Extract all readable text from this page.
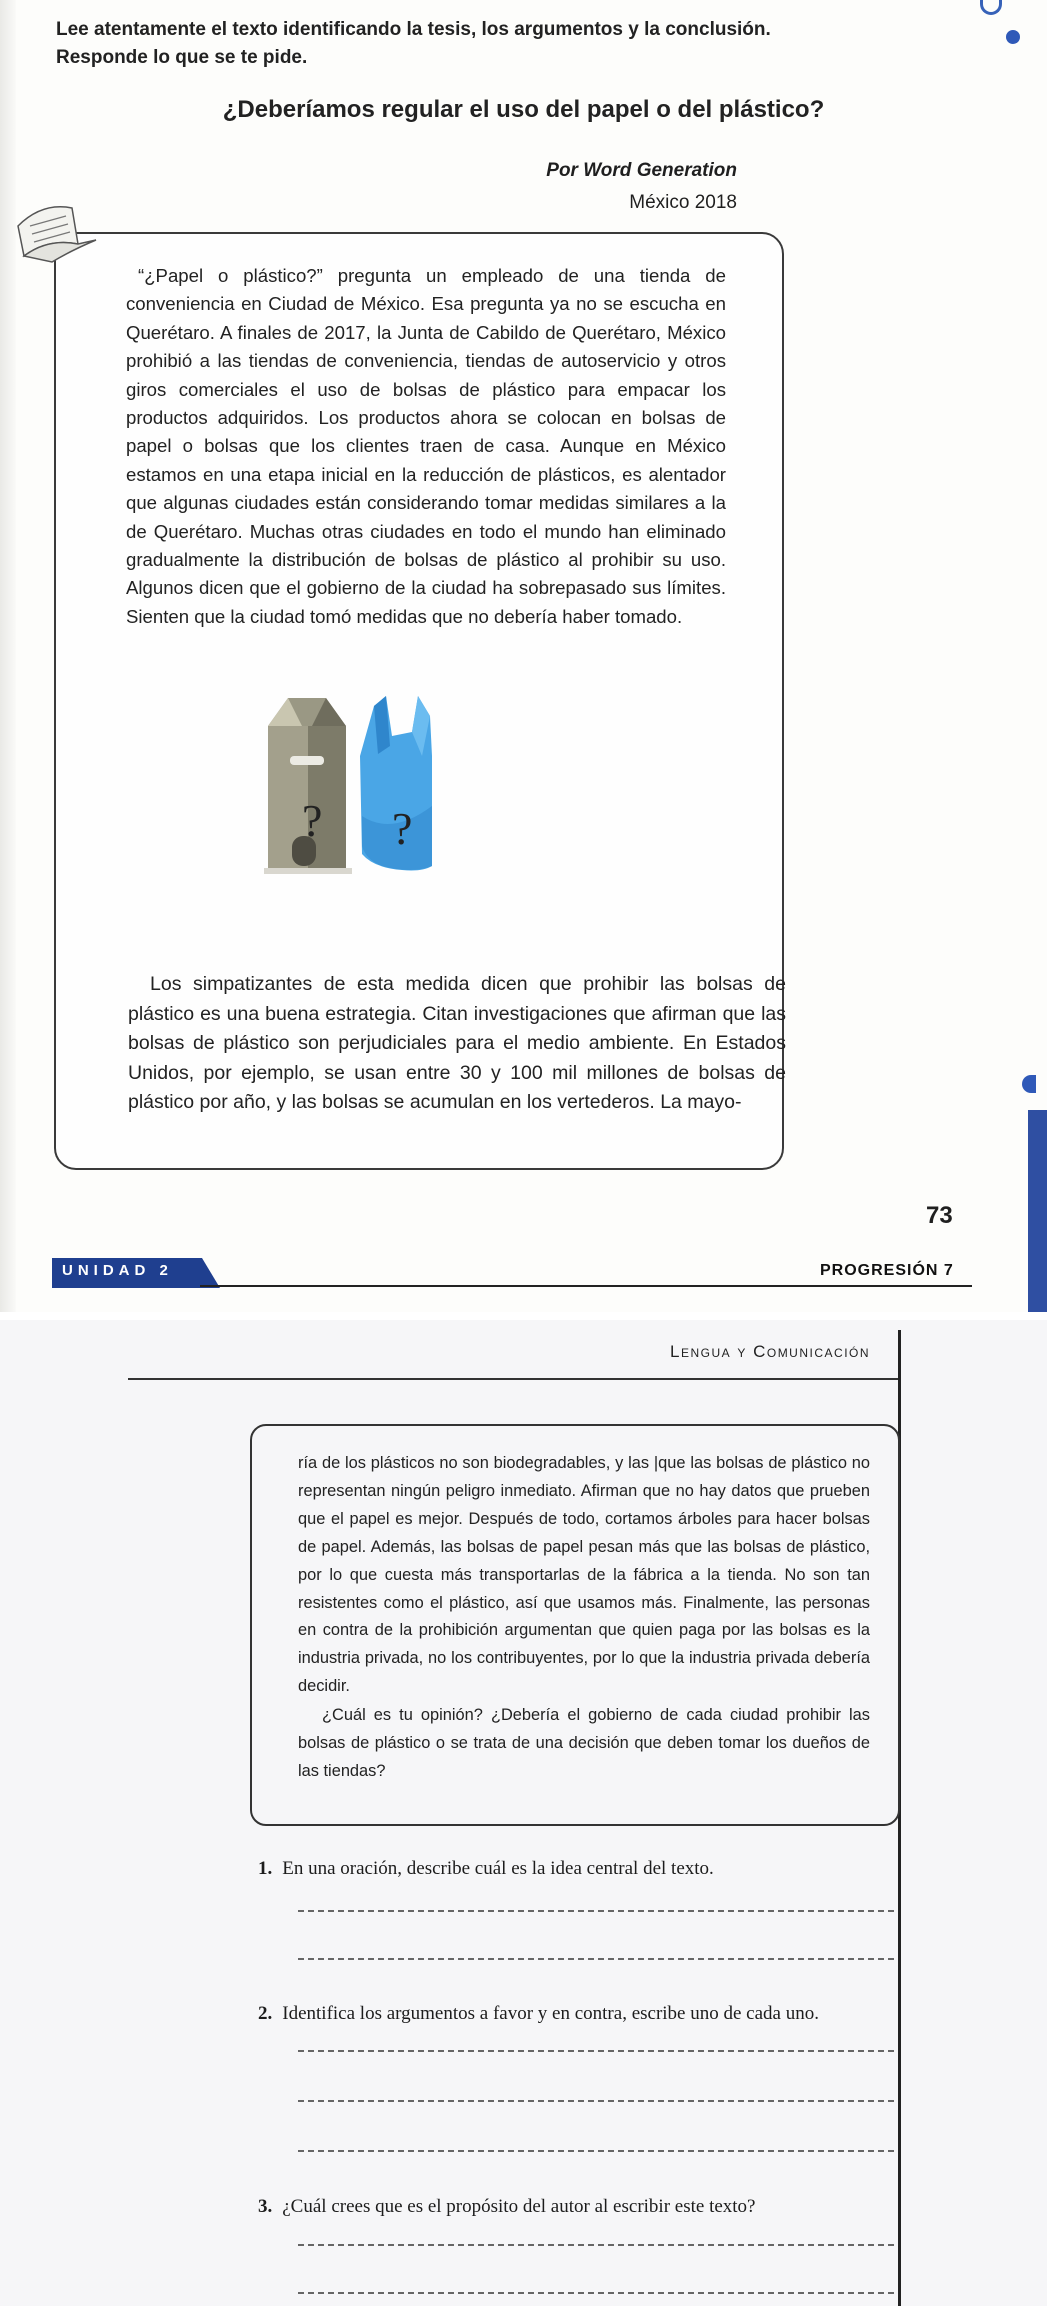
Lee atentamente el texto identificando la tesis, los argumentos y la conclusión.
Responde lo que se te pide.
¿Deberíamos regular el uso del papel o del plástico?
Por Word Generation
México 2018
“¿Papel o plástico?” pregunta un empleado de una tienda de conveniencia en Ciudad de México. Esa pregunta ya no se escucha en Querétaro. A finales de 2017, la Junta de Cabildo de Querétaro, México prohibió a las tiendas de conveniencia, tiendas de autoservicio y otros giros comerciales el uso de bolsas de plástico para empacar los productos adquiridos. Los productos ahora se colocan en bolsas de papel o bolsas que los clientes traen de casa. Aunque en México estamos en una etapa inicial en la reducción de plásticos, es alentador que algunas ciudades están considerando tomar medidas similares a la de Querétaro. Muchas otras ciudades en todo el mundo han eliminado gradualmente la distribución de bolsas de plástico al prohibir su uso. Algunos dicen que el gobierno de la ciudad ha sobrepasado sus límites. Sienten que la ciudad tomó medidas que no debería haber tomado.
? ?
Los simpatizantes de esta medida dicen que prohibir las bolsas de plástico es una buena estrategia. Citan investigaciones que afirman que las bolsas de plástico son perjudiciales para el medio ambiente. En Estados Unidos, por ejemplo, se usan entre 30 y 100 mil millones de bolsas de plástico por año, y las bolsas se acumulan en los vertederos. La mayo-
73
UNIDAD 2	PROGRESIÓN 7
Lengua y Comunicación
ría de los plásticos no son biodegradables, y las |que las bolsas de plástico no representan ningún peligro inmediato. Afirman que no hay datos que prueben que el papel es mejor. Después de todo, cortamos árboles para hacer bolsas de papel. Además, las bolsas de papel pesan más que las bolsas de plástico, por lo que cuesta más transportarlas de la fábrica a la tienda. No son tan resistentes como el plástico, así que usamos más. Finalmente, las personas en contra de la prohibición argumentan que quien paga por las bolsas es la industria privada, no los contribuyentes, por lo que la industria privada debería decidir.
¿Cuál es tu opinión? ¿Debería el gobierno de cada ciudad prohibir las bolsas de plástico o se trata de una decisión que deben tomar los dueños de las tiendas?
1. En una oración, describe cuál es la idea central del texto.
2. Identifica los argumentos a favor y en contra, escribe uno de cada uno.
3. ¿Cuál crees que es el propósito del autor al escribir este texto?
